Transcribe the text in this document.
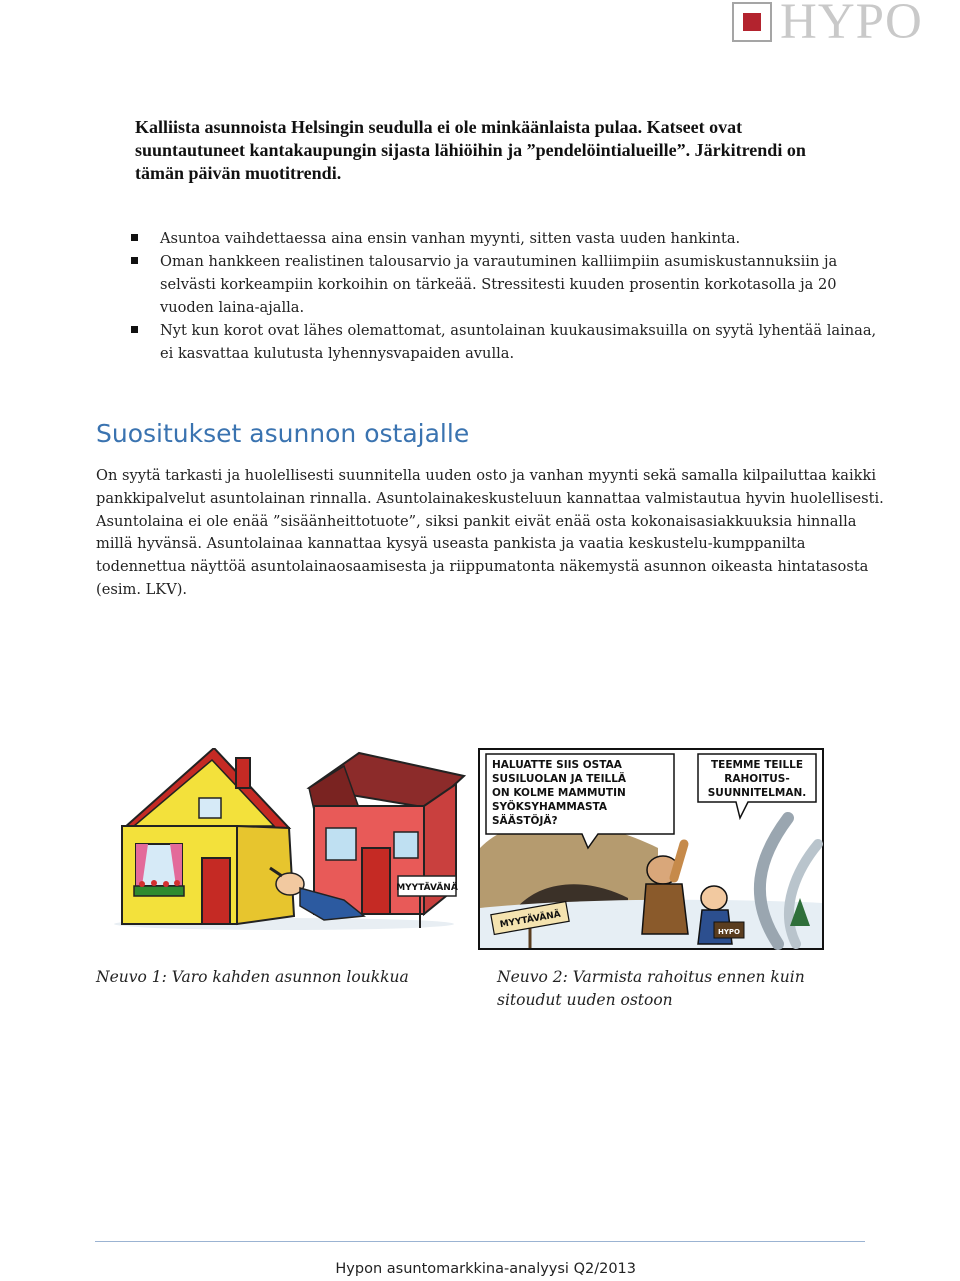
HYPO

Kalliista asunnoista Helsingin seudulla ei ole minkäänlaista pulaa. Katseet ovat suuntautuneet kantakaupungin sijasta lähiöihin ja ”pendelöintialueille”. Järkitrendi on tämän päivän muotitrendi.

Asuntoa vaihdettaessa aina ensin vanhan myynti, sitten vasta uuden hankinta.
Oman hankkeen realistinen talousarvio ja varautuminen kalliimpiin asumiskustannuksiin ja selvästi korkeampiin korkoihin on tärkeää. Stressitesti kuuden prosentin korkotasolla ja 20 vuoden laina-ajalla.
Nyt kun korot ovat lähes olemattomat, asuntolainan kuukausimaksuilla on syytä lyhentää lainaa, ei kasvattaa kulutusta lyhennysvapaiden avulla.
Suositukset asunnon ostajalle

On syytä tarkasti ja huolellisesti suunnitella uuden osto ja vanhan myynti sekä samalla kilpailuttaa kaikki pankkipalvelut asuntolainan rinnalla. Asuntolainakeskusteluun kannattaa valmistautua hyvin huolellisesti. Asuntolaina ei ole enää ”sisäänheittotuote”, siksi pankit eivät enää osta kokonaisasiakkuuksia hinnalla millä hyvänsä. Asuntolainaa kannattaa kysyä useasta pankista ja vaatia keskustelu-kumppanilta todennettua näyttöä asuntolainaosaamisesta ja riippumatonta näkemystä asunnon oikeasta hintatasosta (esim. LKV).

MYYTÄVÄNÄ
HALUATTE SIIS OSTAA
SUSILUOLAN JA TEILLÄ
ON KOLME MAMMUTIN
SYÖKSYHAMMASTA
SÄÄSTÖJÄ?
TEEMME TEILLE
RAHOITUS-
SUUNNITELMAN.
HYPO
MYYTÄVÄNÄ

Neuvo 1: Varo kahden asunnon loukkua	Neuvo 2: Varmista rahoitus ennen kuin sitoudut uuden ostoon

Hypon asuntomarkkina-analyysi Q2/2013
